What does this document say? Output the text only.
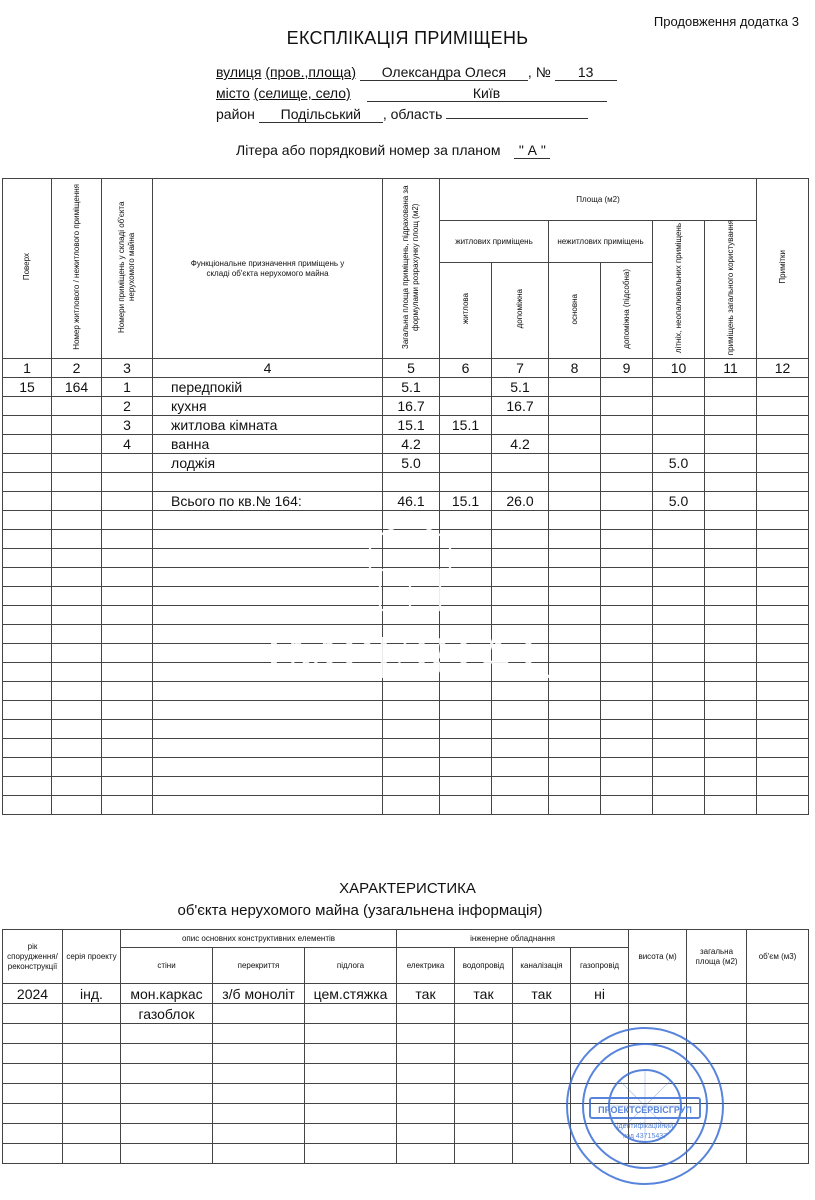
Продовження додатка 3
ЕКСПЛІКАЦІЯ ПРИМІЩЕНЬ
вулиця (пров.,площа) Олександра Олеся , № 13
місто (селище, село)	Київ
район Подільський , область
Літера або порядковий номер за планом " А "
Поверх	Номер житлового / нежитлового приміщення	Номери приміщень у складі об'єкта нерухомого майна	Функціональне призначення приміщень у складі об'єкта нерухомого майна	Загальна площа приміщень, підрахована за формулами розрахунку площ (м2)	Площа (м2)						Примітки
					житлових приміщень		нежитлових приміщень		літніх, неопалювальних приміщень	приміщень загального користування	
					житлова	допоміжна	основна	допоміжна (підсобна)			
1	2	3	4	5	6	7	8	9	10	11	12
15	164	1	передпокій	5.1		5.1					
		2	кухня	16.7		16.7					
		3	житлова кімната	15.1	15.1						
		4	ванна	4.2		4.2					
			лоджія	5.0					5.0		

			Всього по кв.№ 164:	46.1	15.1	26.0			5.0		

ХАРАКТЕРИСТИКА
об'єкта нерухомого майна (узагальнена інформація)
рік спорудження/ реконструкції	серія проекту	опис основних конструктивних елементів			інженерне обладнання				висота (м)	загальна площа (м2)	об'єм (м3)
		стіни	перекриття	підлога	електрика	водопровід	каналізація	газопровід			
2024	інд.	мон.каркас	з/б моноліт	цем.стяжка	так	так	так	ні			
		газоблок									

IMPERIAL
ПРОЕКТСЕРВІСГРУП
ідентифікаційний
код 43715437
